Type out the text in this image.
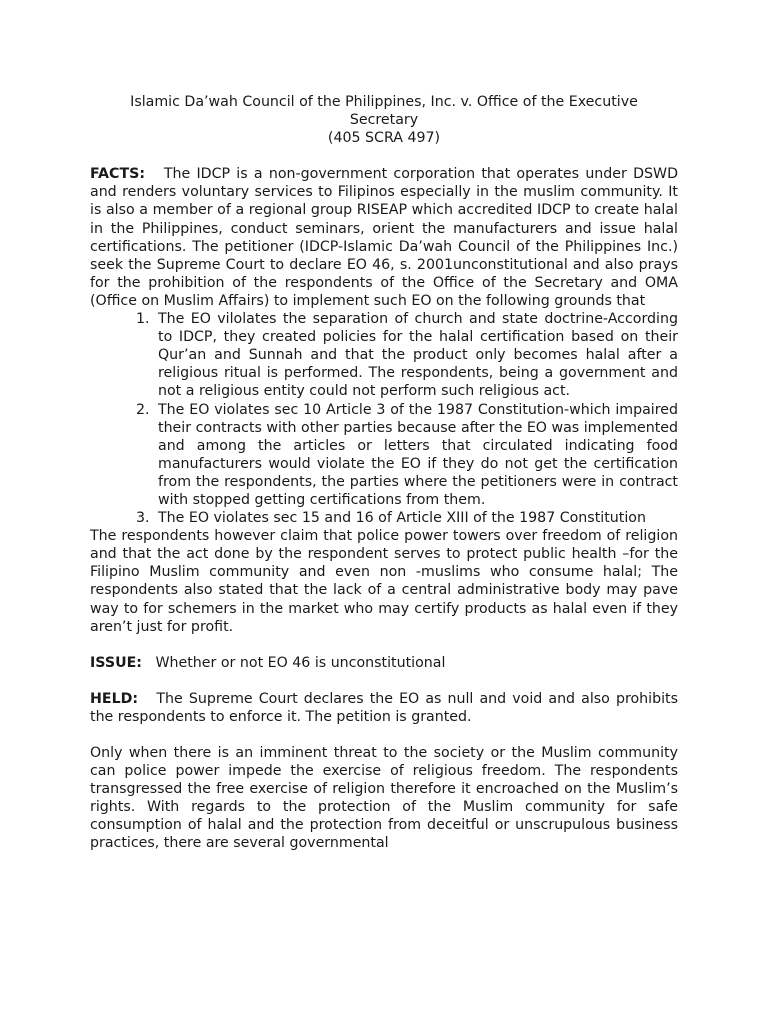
Islamic Da’wah Council of the Philippines, Inc. v. Office of the Executive
Secretary
(405 SCRA 497)

FACTS: The IDCP is a non-government corporation that operates under DSWD and renders voluntary services to Filipinos especially in the muslim community. It is also a member of a regional group RISEAP which accredited IDCP to create halal in the Philippines, conduct seminars, orient the manufacturers and issue halal certifications. The petitioner (IDCP-Islamic Da’wah Council of the Philippines Inc.) seek the Supreme Court to declare EO 46, s. 2001unconstitutional and also prays for the prohibition of the respondents of the Office of the Secretary and OMA (Office on Muslim Affairs) to implement such EO on the following grounds that

1. The EO vilolates the separation of church and state doctrine-According to IDCP, they created policies for the halal certification based on their Qur’an and Sunnah and that the product only becomes halal after a religious ritual is performed. The respondents, being a government and not a religious entity could not perform such religious act.
2. The EO violates sec 10 Article 3 of the 1987 Constitution-which impaired their contracts with other parties because after the EO was implemented and among the articles or letters that circulated indicating food manufacturers would violate the EO if they do not get the certification from the respondents, the parties where the petitioners were in contract with stopped getting certifications from them.
3. The EO violates sec 15 and 16 of Article XIII of the 1987 Constitution

The respondents however claim that police power towers over freedom of religion and that the act done by the respondent serves to protect public health –for the Filipino Muslim community and even non -muslims who consume halal; The respondents also stated that the lack of a central administrative body may pave way to for schemers in the market who may certify products as halal even if they aren’t just for profit.

ISSUE: Whether or not EO 46 is unconstitutional

HELD: The Supreme Court declares the EO as null and void and also prohibits the respondents to enforce it. The petition is granted.

Only when there is an imminent threat to the society or the Muslim community can police power impede the exercise of religious freedom. The respondents transgressed the free exercise of religion therefore it encroached on the Muslim’s rights. With regards to the protection of the Muslim community for safe consumption of halal and the protection from deceitful or unscrupulous business practices, there are several governmental
